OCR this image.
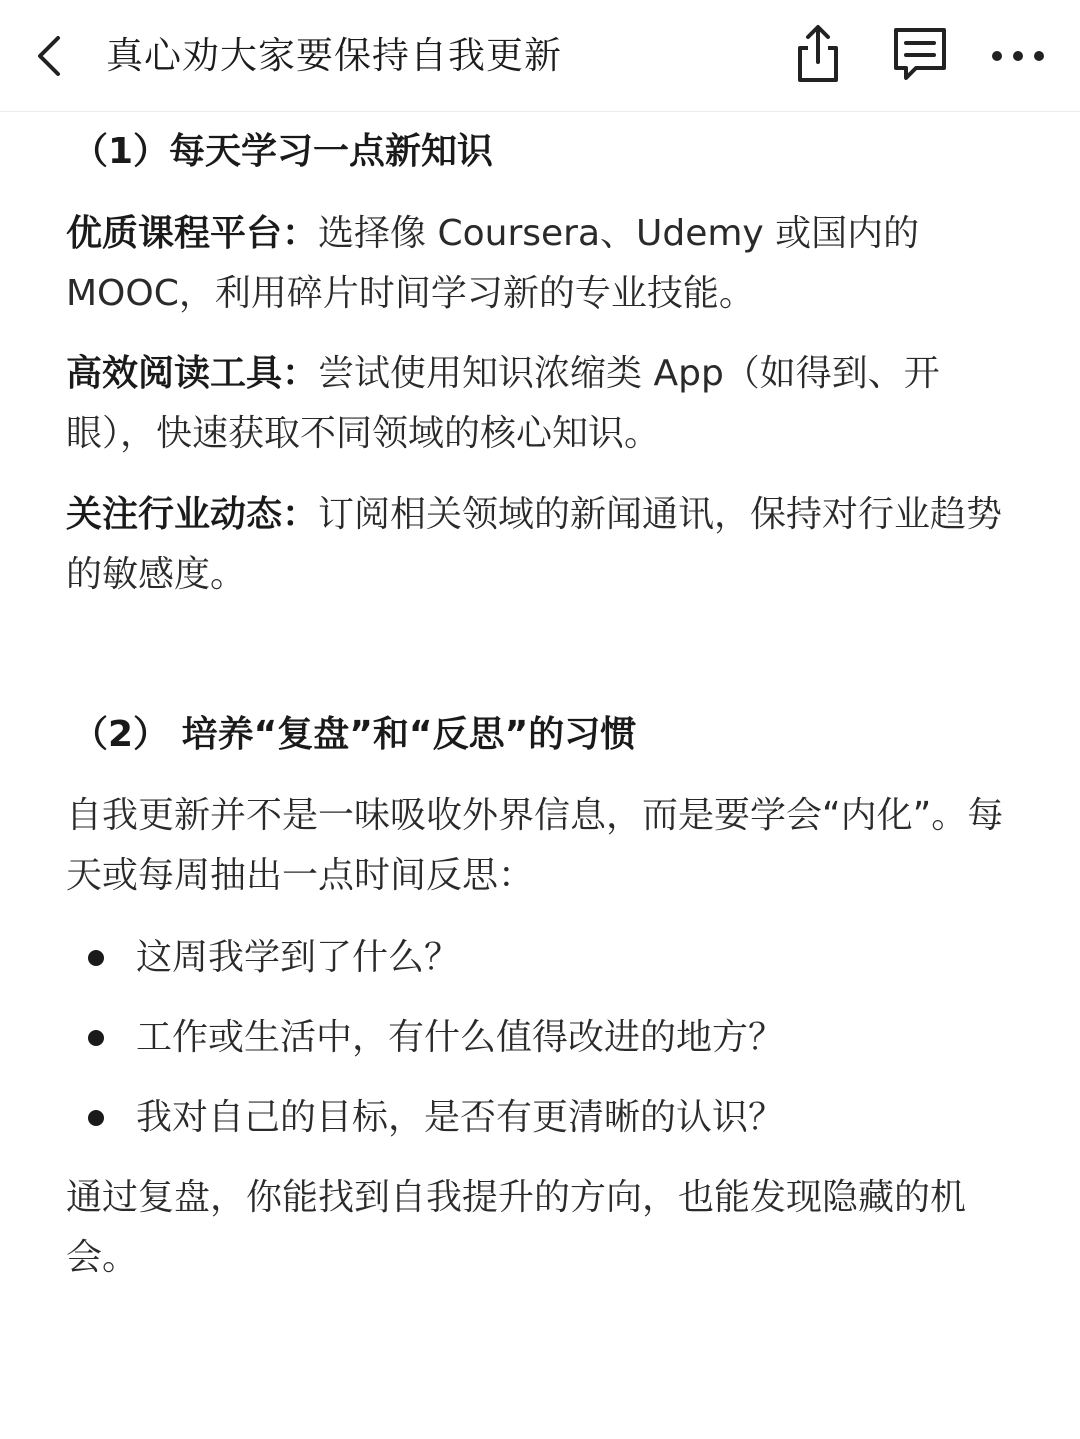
真心劝大家要保持自我更新
（1）每天学习一点新知识
优质课程平台：选择像 Coursera、Udemy 或国内的 MOOC，利用碎片时间学习新的专业技能。
高效阅读工具：尝试使用知识浓缩类 App（如得到、开眼），快速获取不同领域的核心知识。
关注行业动态：订阅相关领域的新闻通讯，保持对行业趋势的敏感度。
（2） 培养“复盘”和“反思”的习惯
自我更新并不是一味吸收外界信息，而是要学会“内化”。每天或每周抽出一点时间反思：
这周我学到了什么？
工作或生活中，有什么值得改进的地方？
我对自己的目标，是否有更清晰的认识？
通过复盘，你能找到自我提升的方向，也能发现隐藏的机会。
